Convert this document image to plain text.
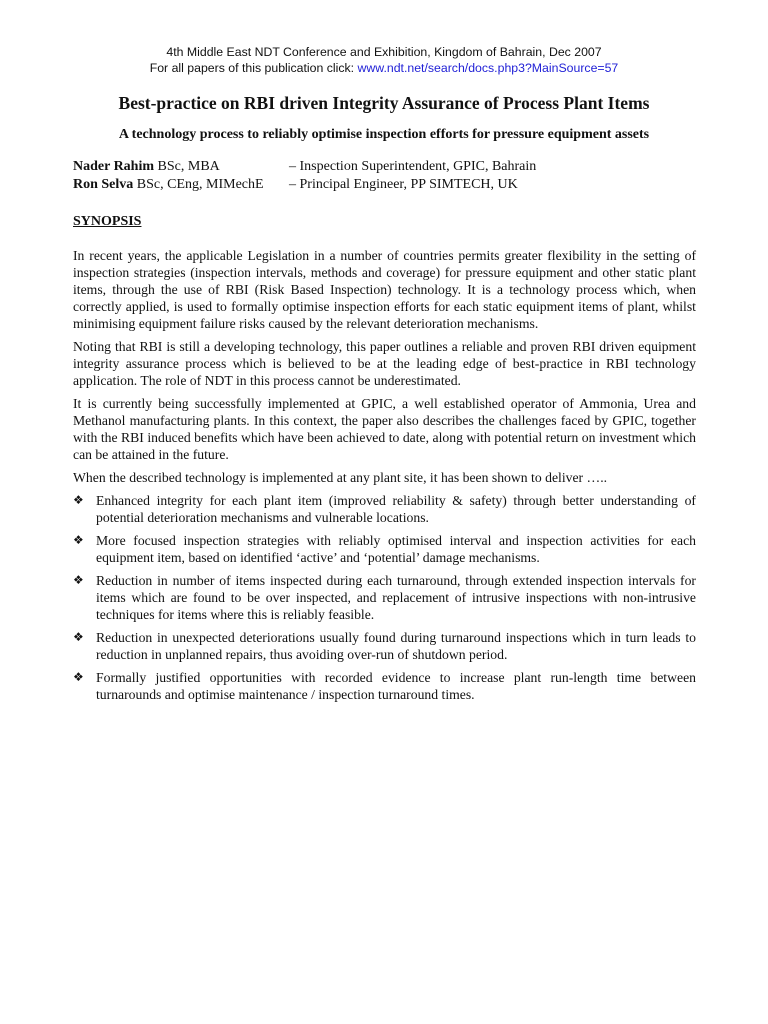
4th Middle East NDT Conference and Exhibition, Kingdom of Bahrain, Dec 2007
For all papers of this publication click: www.ndt.net/search/docs.php3?MainSource=57
Best-practice on RBI driven Integrity Assurance of Process Plant Items
A technology process to reliably optimise inspection efforts for pressure equipment assets
Nader Rahim BSc, MBA	– Inspection Superintendent, GPIC, Bahrain
Ron Selva BSc, CEng, MIMechE	– Principal Engineer, PP SIMTECH, UK
SYNOPSIS

In recent years, the applicable Legislation in a number of countries permits greater flexibility in the setting of inspection strategies (inspection intervals, methods and coverage) for pressure equipment and other static plant items, through the use of RBI (Risk Based Inspection) technology. It is a technology process which, when correctly applied, is used to formally optimise inspection efforts for each static equipment items of plant, whilst minimising equipment failure risks caused by the relevant deterioration mechanisms.

Noting that RBI is still a developing technology, this paper outlines a reliable and proven RBI driven equipment integrity assurance process which is believed to be at the leading edge of best-practice in RBI technology application. The role of NDT in this process cannot be underestimated.

It is currently being successfully implemented at GPIC, a well established operator of Ammonia, Urea and Methanol manufacturing plants. In this context, the paper also describes the challenges faced by GPIC, together with the RBI induced benefits which have been achieved to date, along with potential return on investment which can be attained in the future.

When the described technology is implemented at any plant site, it has been shown to deliver …..

❖ Enhanced integrity for each plant item (improved reliability & safety) through better understanding of potential deterioration mechanisms and vulnerable locations.
❖ More focused inspection strategies with reliably optimised interval and inspection activities for each equipment item, based on identified ‘active’ and ‘potential’ damage mechanisms.
❖ Reduction in number of items inspected during each turnaround, through extended inspection intervals for items which are found to be over inspected, and replacement of intrusive inspections with non-intrusive techniques for items where this is reliably feasible.
❖ Reduction in unexpected deteriorations usually found during turnaround inspections which in turn leads to reduction in unplanned repairs, thus avoiding over-run of shutdown period.
❖ Formally justified opportunities with recorded evidence to increase plant run-length time between turnarounds and optimise maintenance / inspection turnaround times.
